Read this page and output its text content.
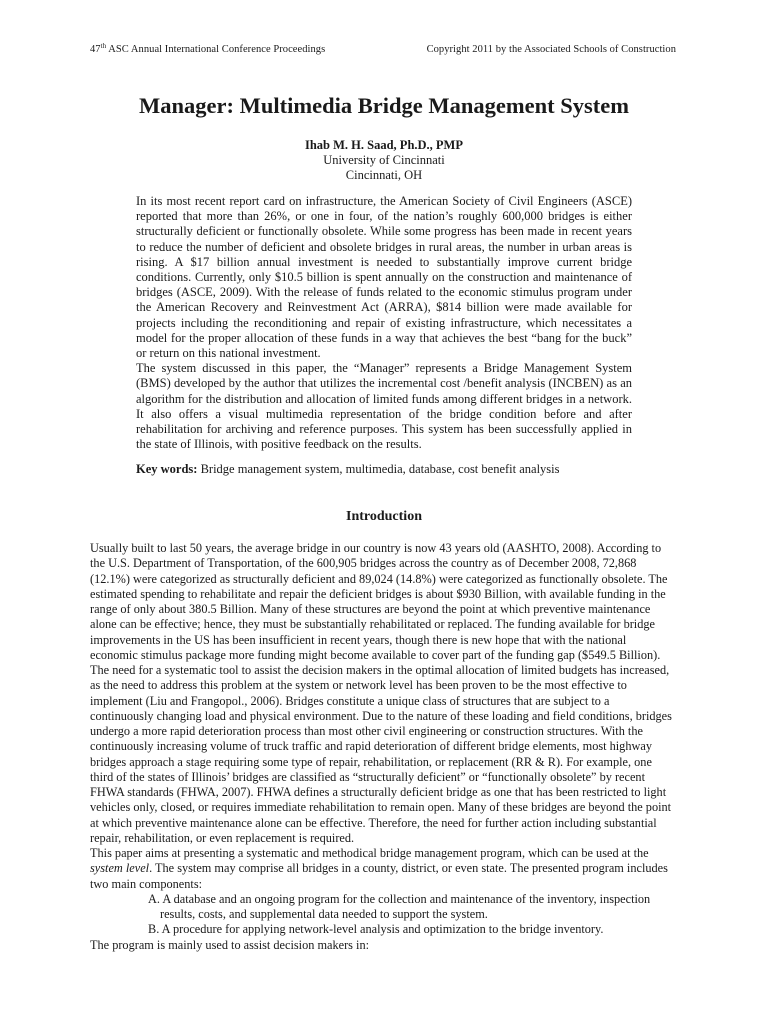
47th ASC Annual International Conference Proceedings	Copyright 2011 by the Associated Schools of Construction
Manager: Multimedia Bridge Management System
Ihab M. H. Saad, Ph.D., PMP
University of Cincinnati
Cincinnati, OH

In its most recent report card on infrastructure, the American Society of Civil Engineers (ASCE) reported that more than 26%, or one in four, of the nation’s roughly 600,000 bridges is either structurally deficient or functionally obsolete. While some progress has been made in recent years to reduce the number of deficient and obsolete bridges in rural areas, the number in urban areas is rising. A $17 billion annual investment is needed to substantially improve current bridge conditions. Currently, only $10.5 billion is spent annually on the construction and maintenance of bridges (ASCE, 2009). With the release of funds related to the economic stimulus program under the American Recovery and Reinvestment Act (ARRA), $814 billion were made available for projects including the reconditioning and repair of existing infrastructure, which necessitates a model for the proper allocation of these funds in a way that achieves the best “bang for the buck” or return on this national investment.

The system discussed in this paper, the “Manager” represents a Bridge Management System (BMS) developed by the author that utilizes the incremental cost /benefit analysis (INCBEN) as an algorithm for the distribution and allocation of limited funds among different bridges in a network. It also offers a visual multimedia representation of the bridge condition before and after rehabilitation for archiving and reference purposes. This system has been successfully applied in the state of Illinois, with positive feedback on the results.

Key words: Bridge management system, multimedia, database, cost benefit analysis
Introduction

Usually built to last 50 years, the average bridge in our country is now 43 years old (AASHTO, 2008). According to the U.S. Department of Transportation, of the 600,905 bridges across the country as of December 2008, 72,868 (12.1%) were categorized as structurally deficient and 89,024 (14.8%) were categorized as functionally obsolete. The estimated spending to rehabilitate and repair the deficient bridges is about $930 Billion, with available funding in the range of only about 380.5 Billion. Many of these structures are beyond the point at which preventive maintenance alone can be effective; hence, they must be substantially rehabilitated or replaced. The funding available for bridge improvements in the US has been insufficient in recent years, though there is new hope that with the national economic stimulus package more funding might become available to cover part of the funding gap ($549.5 Billion). The need for a systematic tool to assist the decision makers in the optimal allocation of limited budgets has increased, as the need to address this problem at the system or network level has been proven to be the most effective to implement (Liu and Frangopol., 2006). Bridges constitute a unique class of structures that are subject to a continuously changing load and physical environment. Due to the nature of these loading and field conditions, bridges undergo a more rapid deterioration process than most other civil engineering or construction structures. With the continuously increasing volume of truck traffic and rapid deterioration of different bridge elements, most highway bridges approach a stage requiring some type of repair, rehabilitation, or replacement (RR & R). For example, one third of the states of Illinois’ bridges are classified as “structurally deficient” or “functionally obsolete” by recent FHWA standards (FHWA, 2007). FHWA defines a structurally deficient bridge as one that has been restricted to light vehicles only, closed, or requires immediate rehabilitation to remain open. Many of these bridges are beyond the point at which preventive maintenance alone can be effective. Therefore, the need for further action including substantial repair, rehabilitation, or even replacement is required.

This paper aims at presenting a systematic and methodical bridge management program, which can be used at the system level. The system may comprise all bridges in a county, district, or even state. The presented program includes two main components:

A. A database and an ongoing program for the collection and maintenance of the inventory, inspection results, costs, and supplemental data needed to support the system.

B. A procedure for applying network-level analysis and optimization to the bridge inventory.

The program is mainly used to assist decision makers in:
